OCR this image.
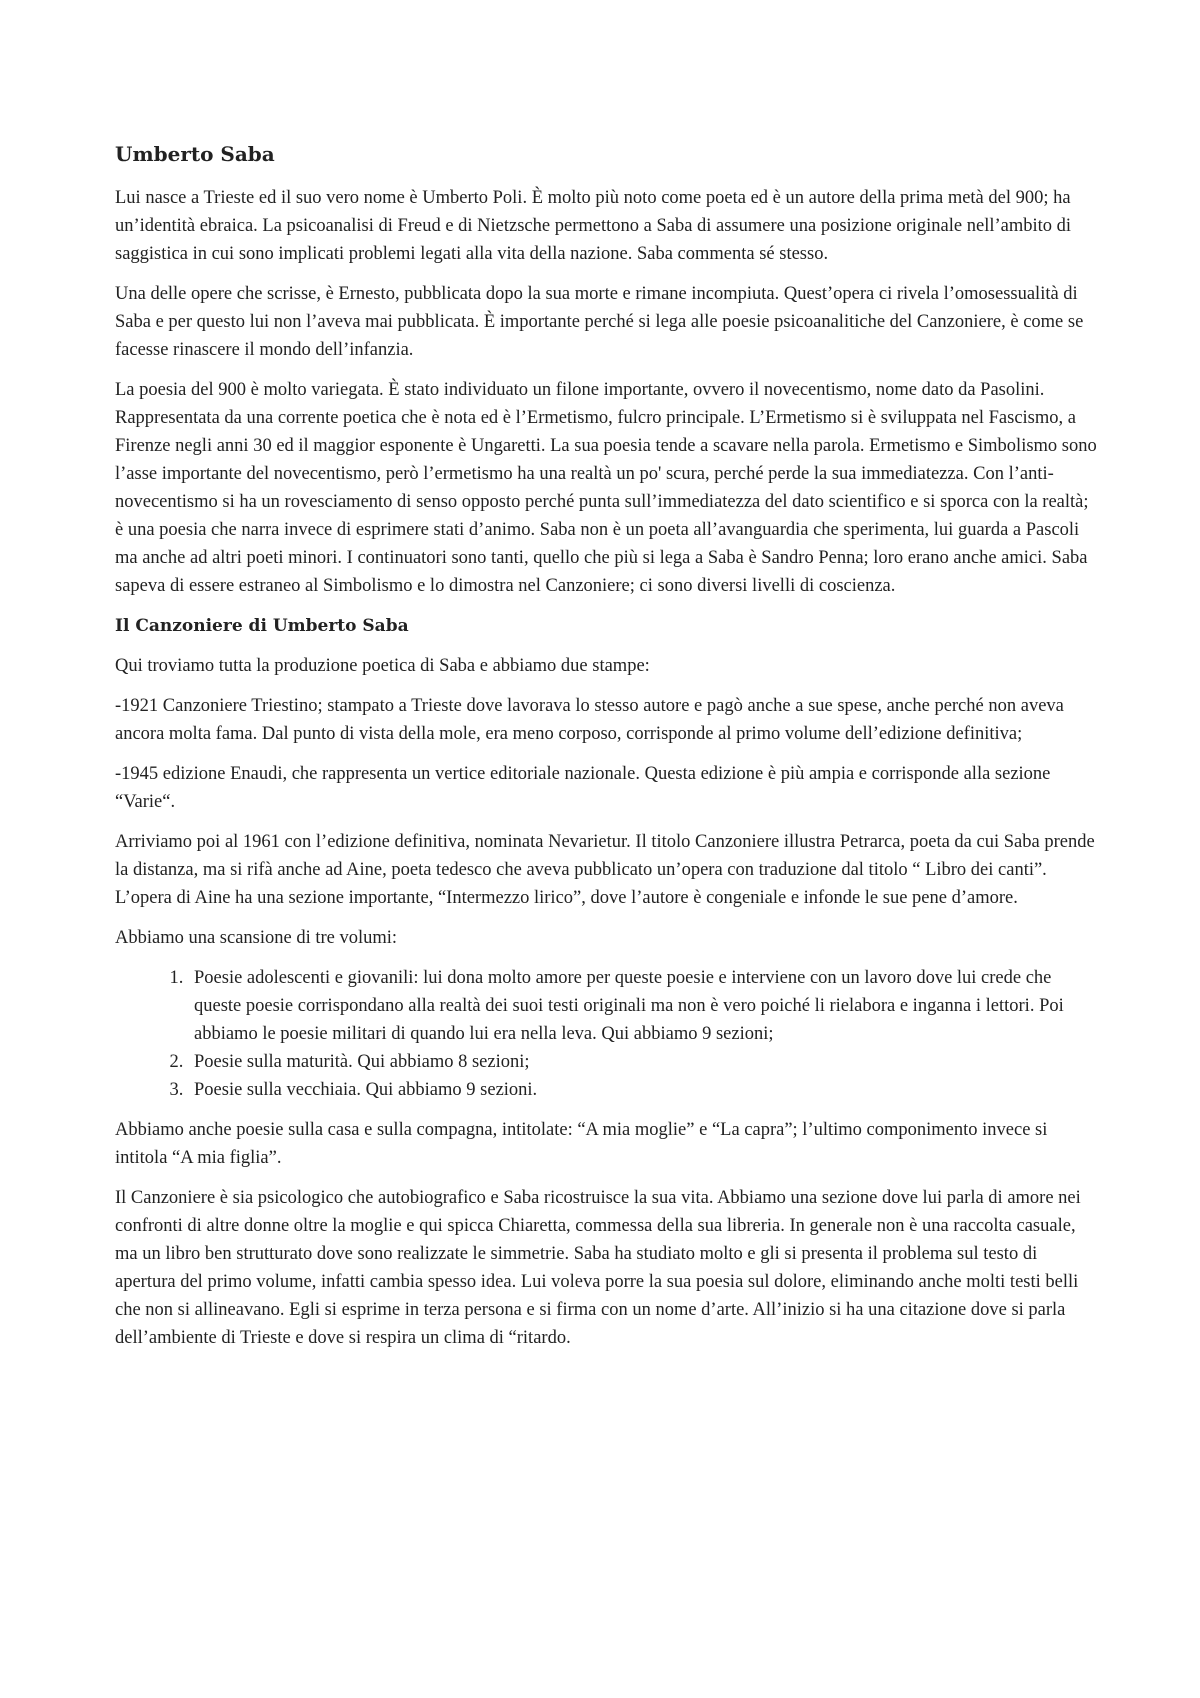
Umberto Saba

Lui nasce a Trieste ed il suo vero nome è Umberto Poli. È molto più noto come poeta ed è un autore della prima metà del 900; ha un’identità ebraica. La psicoanalisi di Freud e di Nietzsche permettono a Saba di assumere una posizione originale nell’ambito di saggistica in cui sono implicati problemi legati alla vita della nazione. Saba commenta sé stesso.

Una delle opere che scrisse, è Ernesto, pubblicata dopo la sua morte e rimane incompiuta. Quest’opera ci rivela l’omosessualità di Saba e per questo lui non l’aveva mai pubblicata. È importante perché si lega alle poesie psicoanalitiche del Canzoniere, è come se facesse rinascere il mondo dell’infanzia.

La poesia del 900 è molto variegata. È stato individuato un filone importante, ovvero il novecentismo, nome dato da Pasolini. Rappresentata da una corrente poetica che è nota ed è l’Ermetismo, fulcro principale. L’Ermetismo si è sviluppata nel Fascismo, a Firenze negli anni 30 ed il maggior esponente è Ungaretti. La sua poesia tende a scavare nella parola. Ermetismo e Simbolismo sono l’asse importante del novecentismo, però l’ermetismo ha una realtà un po' scura, perché perde la sua immediatezza. Con l’anti-novecentismo si ha un rovesciamento di senso opposto perché punta sull’immediatezza del dato scientifico e si sporca con la realtà; è una poesia che narra invece di esprimere stati d’animo. Saba non è un poeta all’avanguardia che sperimenta, lui guarda a Pascoli ma anche ad altri poeti minori. I continuatori sono tanti, quello che più si lega a Saba è Sandro Penna; loro erano anche amici. Saba sapeva di essere estraneo al Simbolismo e lo dimostra nel Canzoniere; ci sono diversi livelli di coscienza.

Il Canzoniere di Umberto Saba

Qui troviamo tutta la produzione poetica di Saba e abbiamo due stampe:

-1921 Canzoniere Triestino; stampato a Trieste dove lavorava lo stesso autore e pagò anche a sue spese, anche perché non aveva ancora molta fama. Dal punto di vista della mole, era meno corposo, corrisponde al primo volume dell’edizione definitiva;

-1945 edizione Enaudi, che rappresenta un vertice editoriale nazionale. Questa edizione è più ampia e corrisponde alla sezione “Varie“.

Arriviamo poi al 1961 con l’edizione definitiva, nominata Nevarietur. Il titolo Canzoniere illustra Petrarca, poeta da cui Saba prende la distanza, ma si rifà anche ad Aine, poeta tedesco che aveva pubblicato un’opera con traduzione dal titolo “ Libro dei canti”. L’opera di Aine ha una sezione importante, “Intermezzo lirico”, dove l’autore è congeniale e infonde le sue pene d’amore.

Abbiamo una scansione di tre volumi:

1. Poesie adolescenti e giovanili: lui dona molto amore per queste poesie e interviene con un lavoro dove lui crede che queste poesie corrispondano alla realtà dei suoi testi originali ma non è vero poiché li rielabora e inganna i lettori. Poi abbiamo le poesie militari di quando lui era nella leva. Qui abbiamo 9 sezioni;
2. Poesie sulla maturità. Qui abbiamo 8 sezioni;
3. Poesie sulla vecchiaia. Qui abbiamo 9 sezioni.

Abbiamo anche poesie sulla casa e sulla compagna, intitolate: “A mia moglie” e “La capra”; l’ultimo componimento invece si intitola “A mia figlia”.

Il Canzoniere è sia psicologico che autobiografico e Saba ricostruisce la sua vita. Abbiamo una sezione dove lui parla di amore nei confronti di altre donne oltre la moglie e qui spicca Chiaretta, commessa della sua libreria. In generale non è una raccolta casuale, ma un libro ben strutturato dove sono realizzate le simmetrie. Saba ha studiato molto e gli si presenta il problema sul testo di apertura del primo volume, infatti cambia spesso idea. Lui voleva porre la sua poesia sul dolore, eliminando anche molti testi belli che non si allineavano. Egli si esprime in terza persona e si firma con un nome d’arte. All’inizio si ha una citazione dove si parla dell’ambiente di Trieste e dove si respira un clima di “ritardo.
